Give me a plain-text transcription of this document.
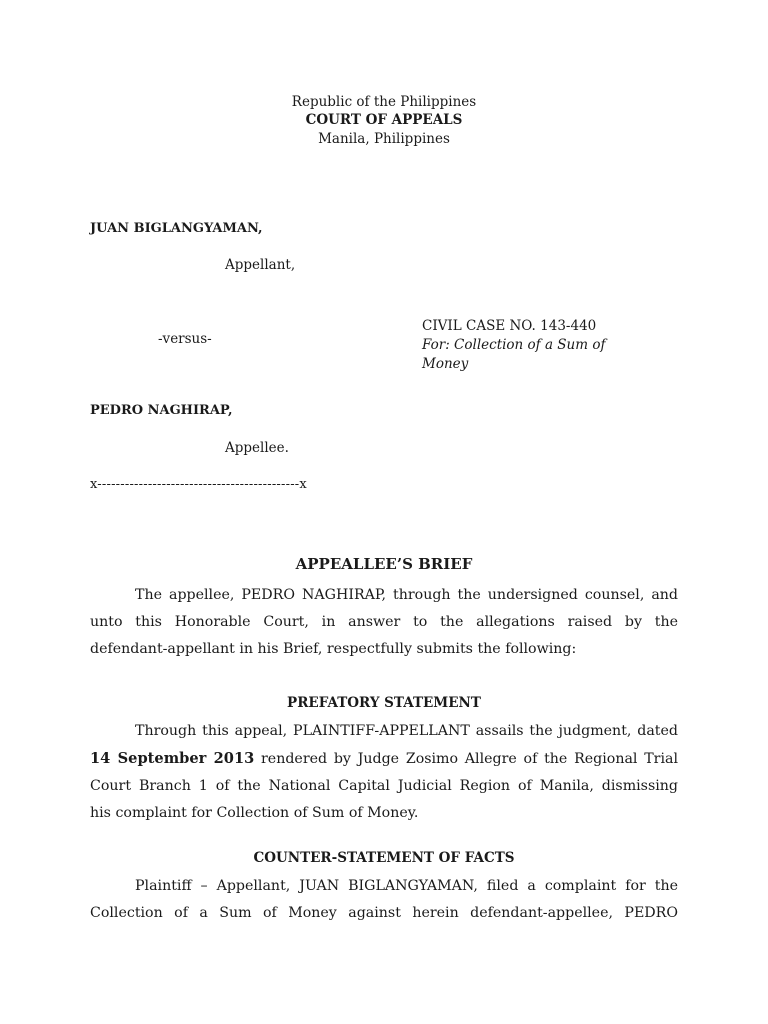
Republic of the Philippines
COURT OF APPEALS
Manila, Philippines
JUAN BIGLANGYAMAN,
Appellant,
-versus-
CIVIL CASE NO. 143-440
For: Collection of a Sum of
Money
PEDRO NAGHIRAP,
Appellee.
x--------------------------------------------x
APPEALLEE’S BRIEF
The appellee, PEDRO NAGHIRAP, through the undersigned counsel, and
unto this Honorable Court, in answer to the allegations raised by the
defendant-appellant in his Brief, respectfully submits the following:
PREFATORY STATEMENT
Through this appeal, PLAINTIFF-APPELLANT assails the judgment, dated
14 September 2013 rendered by Judge Zosimo Allegre of the Regional Trial
Court Branch 1 of the National Capital Judicial Region of Manila, dismissing
his complaint for Collection of Sum of Money.
COUNTER-STATEMENT OF FACTS
Plaintiff – Appellant, JUAN BIGLANGYAMAN, filed a complaint for the
Collection of a Sum of Money against herein defendant-appellee, PEDRO
